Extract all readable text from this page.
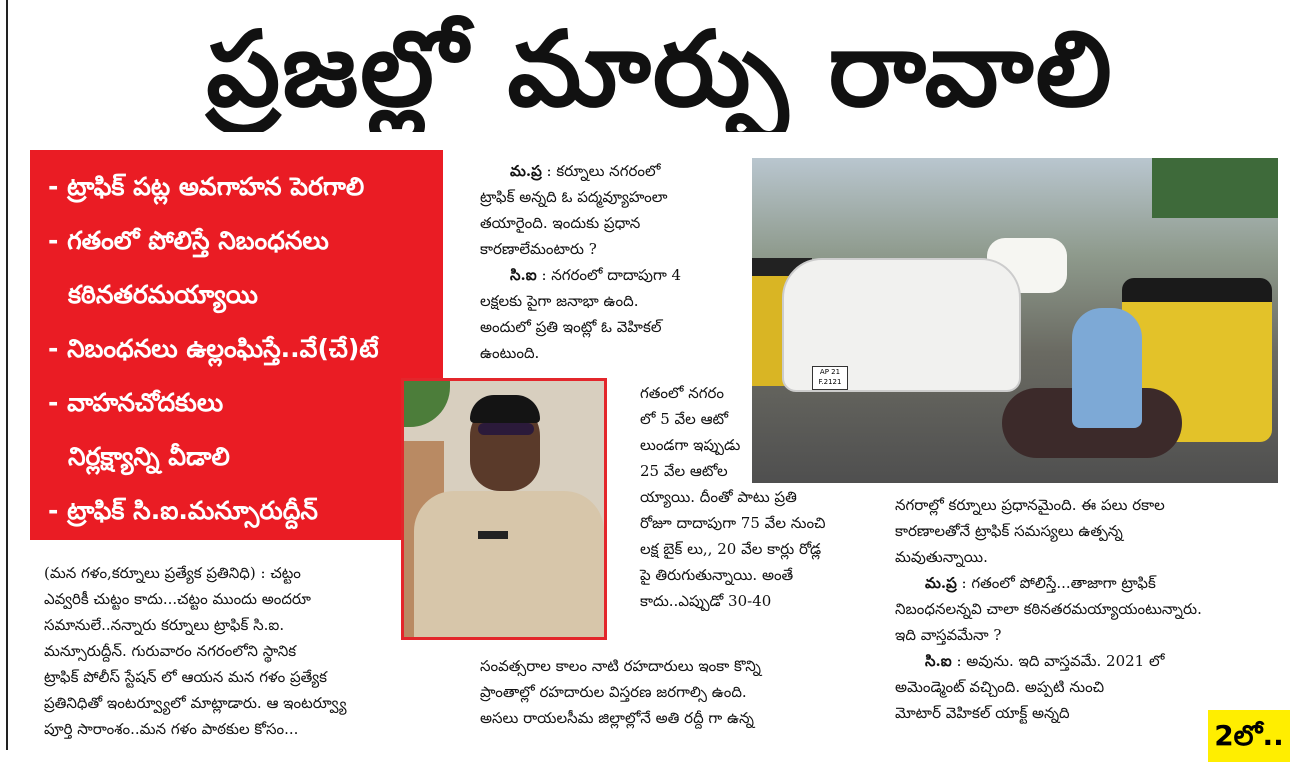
ప్రజల్లో మార్పు రావాలి

- ట్రాఫిక్ పట్ల అవగాహన పెరగాలి

- గతంలో పోలిస్తే నిబంధనలు

కఠినతరమయ్యాయి

- నిబంధనలు ఉల్లంఘిస్తే..వే(చే)టే

- వాహనచోదకులు

నిర్లక్ష్యాన్ని వీడాలి

- ట్రాఫిక్ సి.ఐ.మన్సూరుద్దీన్

(మన గళం,కర్నూలు ప్రత్యేక ప్రతినిధి) : చట్టం

ఎవ్వరికీ చుట్టం కాదు...చట్టం ముందు అందరూ

సమానులే..నన్నారు కర్నూలు ట్రాఫిక్ సి.ఐ.

మన్సూరుద్దీన్. గురువారం నగరంలోని స్థానిక

ట్రాఫిక్ పోలీస్ స్టేషన్ లో ఆయన మన గళం ప్రత్యేక

ప్రతినిధితో ఇంటర్వ్యూలో మాట్లాడారు. ఆ ఇంటర్వ్యూ

పూర్తి సారాంశం..మన గళం పాఠకుల కోసం...

మ.ప్ర : కర్నూలు నగరంలో

ట్రాఫిక్ అన్నది ఓ పద్మవ్యూహంలా

తయారైంది. ఇందుకు ప్రధాన

కారణాలేమంటారు ?

సి.ఐ : నగరంలో దాదాపుగా 4

లక్షలకు పైగా జనాభా ఉంది.

అందులో ప్రతి ఇంట్లో ఓ వెహికల్

ఉంటుంది.

గతంలో నగరం

లో 5 వేల ఆటో

లుండగా ఇప్పుడు

25 వేల ఆటోల

య్యాయి. దీంతో పాటు ప్రతి

రోజూ దాదాపుగా 75 వేల నుంచి

లక్ష బైక్ లు,, 20 వేల కార్లు రోడ్ల

పై తిరుగుతున్నాయి. అంతే

కాదు..ఎప్పుడో 30-40

సంవత్సరాల కాలం నాటి రహదారులు ఇంకా కొన్ని

ప్రాంతాల్లో రహదారుల విస్తరణ జరగాల్సి ఉంది.

అసలు రాయలసీమ జిల్లాల్లోనే అతి రద్దీ గా ఉన్న

నగరాల్లో కర్నూలు ప్రధానమైంది. ఈ పలు రకాల

కారణాలతోనే ట్రాఫిక్ సమస్యలు ఉత్పన్న

మవుతున్నాయి.

మ.ప్ర : గతంలో పోలిస్తే...తాజాగా ట్రాఫిక్

నిబంధనలన్నవి చాలా కఠినతరమయ్యాయంటున్నారు.

ఇది వాస్తవమేనా ?

సి.ఐ : అవును. ఇది వాస్తవమే. 2021 లో

అమెండ్మెంట్ వచ్చింది. అప్పటి నుంచి

మోటార్ వెహికల్ యాక్ట్ అన్నది

AP 21 F.2121
2లో..
